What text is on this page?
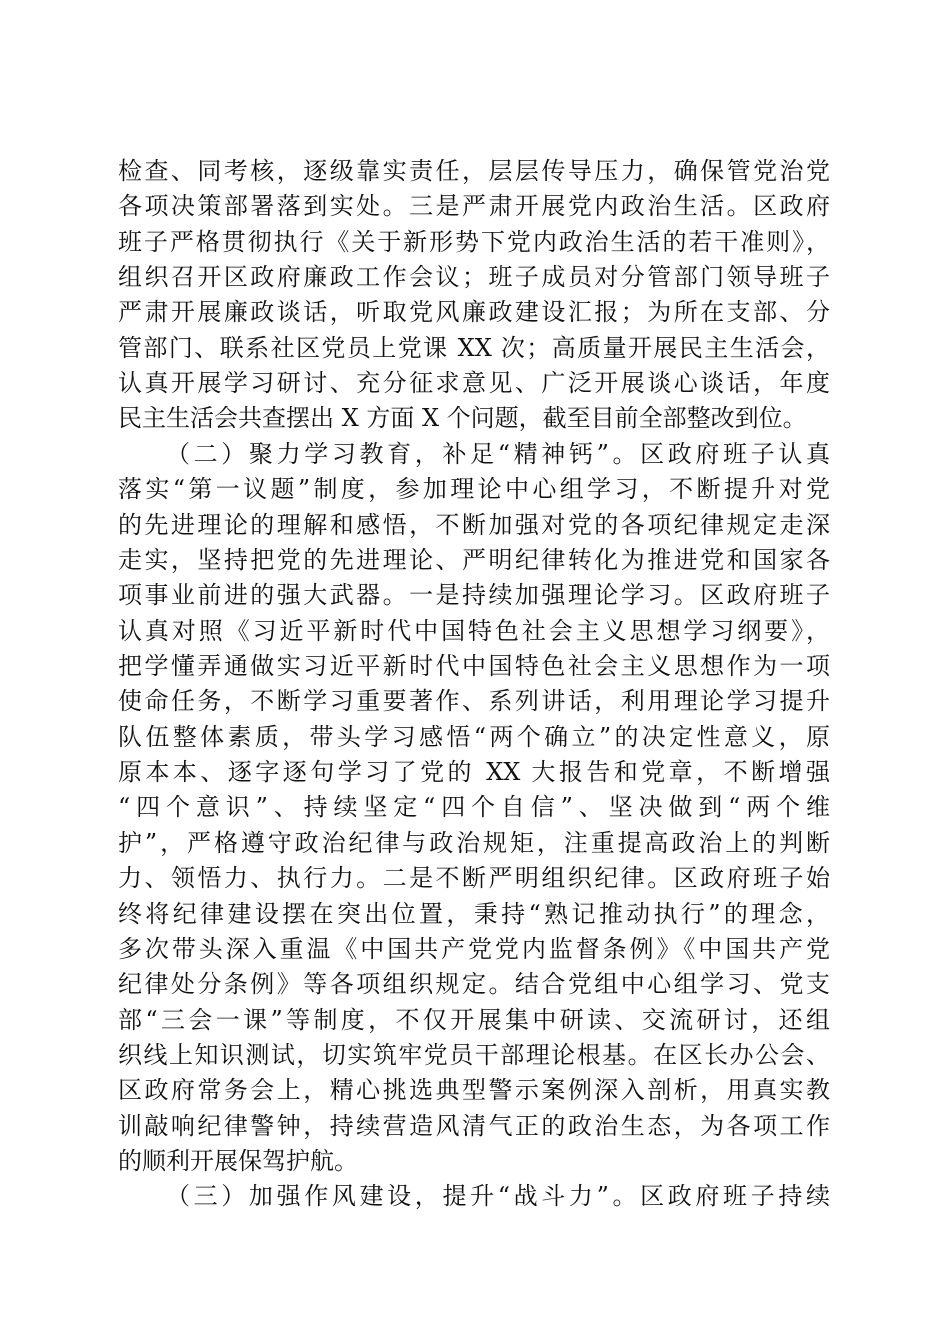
检查、同考核，逐级靠实责任，层层传导压力，确保管党治党
各项决策部署落到实处。三是严肃开展党内政治生活。区政府
班子严格贯彻执行《关于新形势下党内政治生活的若干准则》，
组织召开区政府廉政工作会议；班子成员对分管部门领导班子
严肃开展廉政谈话，听取党风廉政建设汇报；为所在支部、分
管部门、联系社区党员上党课 XX 次；高质量开展民主生活会，
认真开展学习研讨、充分征求意见、广泛开展谈心谈话，年度
民主生活会共查摆出 X 方面 X 个问题，截至目前全部整改到位。
（二）聚力学习教育，补足“精神钙”。区政府班子认真
落实“第一议题”制度，参加理论中心组学习，不断提升对党
的先进理论的理解和感悟，不断加强对党的各项纪律规定走深
走实，坚持把党的先进理论、严明纪律转化为推进党和国家各
项事业前进的强大武器。一是持续加强理论学习。区政府班子
认真对照《习近平新时代中国特色社会主义思想学习纲要》，
把学懂弄通做实习近平新时代中国特色社会主义思想作为一项
使命任务，不断学习重要著作、系列讲话，利用理论学习提升
队伍整体素质，带头学习感悟“两个确立”的决定性意义，原
原本本、逐字逐句学习了党的 XX 大报告和党章，不断增强
“四个意识”、持续坚定“四个自信”、坚决做到“两个维
护”，严格遵守政治纪律与政治规矩，注重提高政治上的判断
力、领悟力、执行力。二是不断严明组织纪律。区政府班子始
终将纪律建设摆在突出位置，秉持“熟记推动执行”的理念，
多次带头深入重温《中国共产党党内监督条例》《中国共产党
纪律处分条例》等各项组织规定。结合党组中心组学习、党支
部“三会一课”等制度，不仅开展集中研读、交流研讨，还组
织线上知识测试，切实筑牢党员干部理论根基。在区长办公会、
区政府常务会上，精心挑选典型警示案例深入剖析，用真实教
训敲响纪律警钟，持续营造风清气正的政治生态，为各项工作
的顺利开展保驾护航。
（三）加强作风建设，提升“战斗力”。区政府班子持续
